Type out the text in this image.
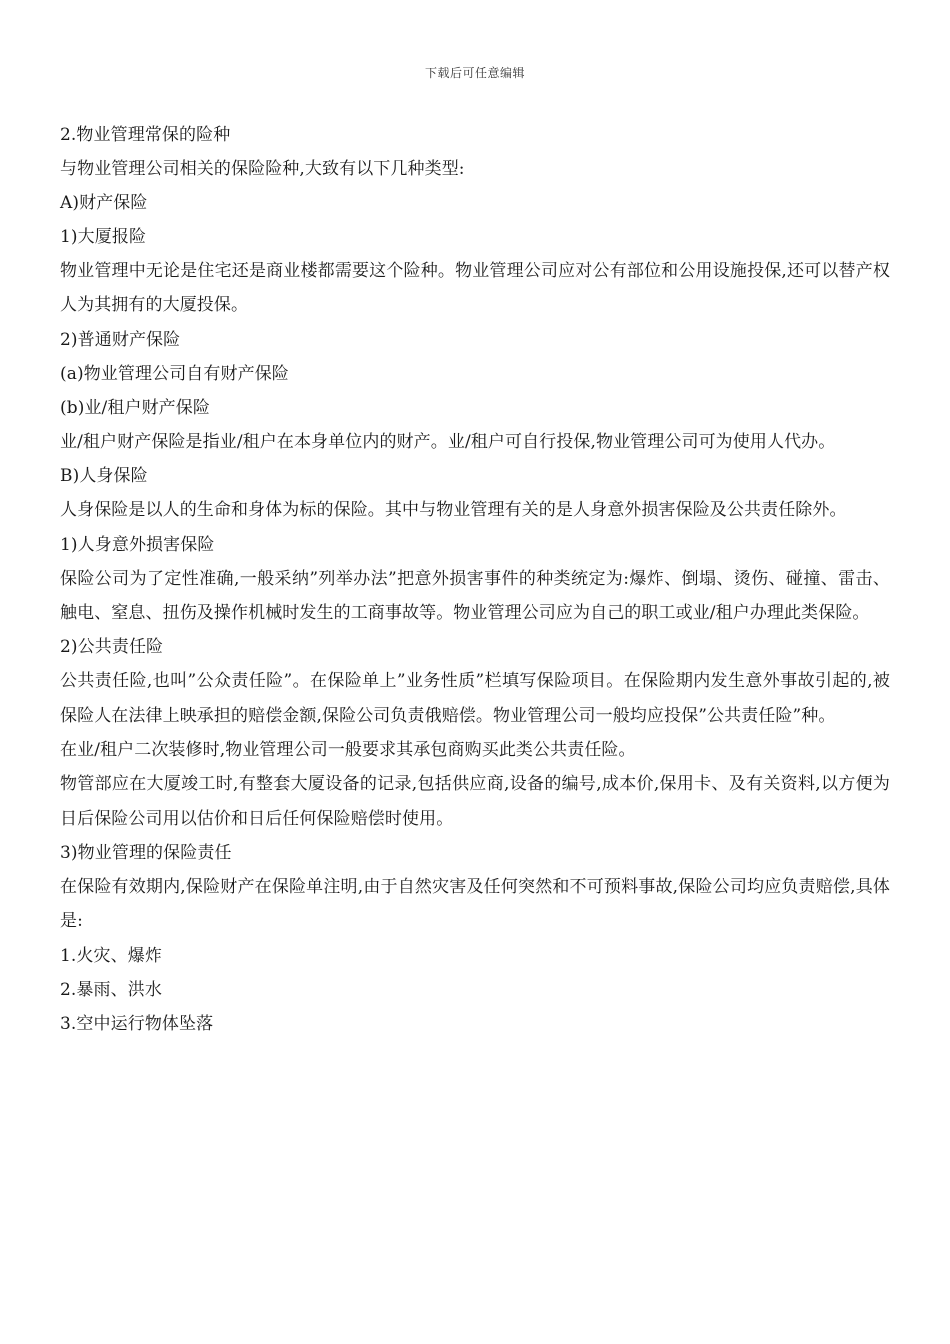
下载后可任意编辑

2.物业管理常保的险种

与物业管理公司相关的保险险种,大致有以下几种类型:

A)财产保险

1)大厦报险

物业管理中无论是住宅还是商业楼都需要这个险种。物业管理公司应对公有部位和公用设施投保,还可以替产权人为其拥有的大厦投保。

2)普通财产保险

(a)物业管理公司自有财产保险

(b)业/租户财产保险

业/租户财产保险是指业/租户在本身单位内的财产。业/租户可自行投保,物业管理公司可为使用人代办。

B)人身保险

人身保险是以人的生命和身体为标的保险。其中与物业管理有关的是人身意外损害保险及公共责任除外。

1)人身意外损害保险

保险公司为了定性准确,一般采纳”列举办法”把意外损害事件的种类统定为:爆炸、倒塌、烫伤、碰撞、雷击、触电、窒息、扭伤及操作机械时发生的工商事故等。物业管理公司应为自己的职工或业/租户办理此类保险。

2)公共责任险

公共责任险,也叫”公众责任险”。在保险单上”业务性质”栏填写保险项目。在保险期内发生意外事故引起的,被保险人在法律上映承担的赔偿金额,保险公司负责俄赔偿。物业管理公司一般均应投保”公共责任险”种。

在业/租户二次装修时,物业管理公司一般要求其承包商购买此类公共责任险。

物管部应在大厦竣工时,有整套大厦设备的记录,包括供应商,设备的编号,成本价,保用卡、及有关资料,以方便为日后保险公司用以估价和日后任何保险赔偿时使用。

3)物业管理的保险责任

在保险有效期内,保险财产在保险单注明,由于自然灾害及任何突然和不可预料事故,保险公司均应负责赔偿,具体是:

1.火灾、爆炸

2.暴雨、洪水

3.空中运行物体坠落
